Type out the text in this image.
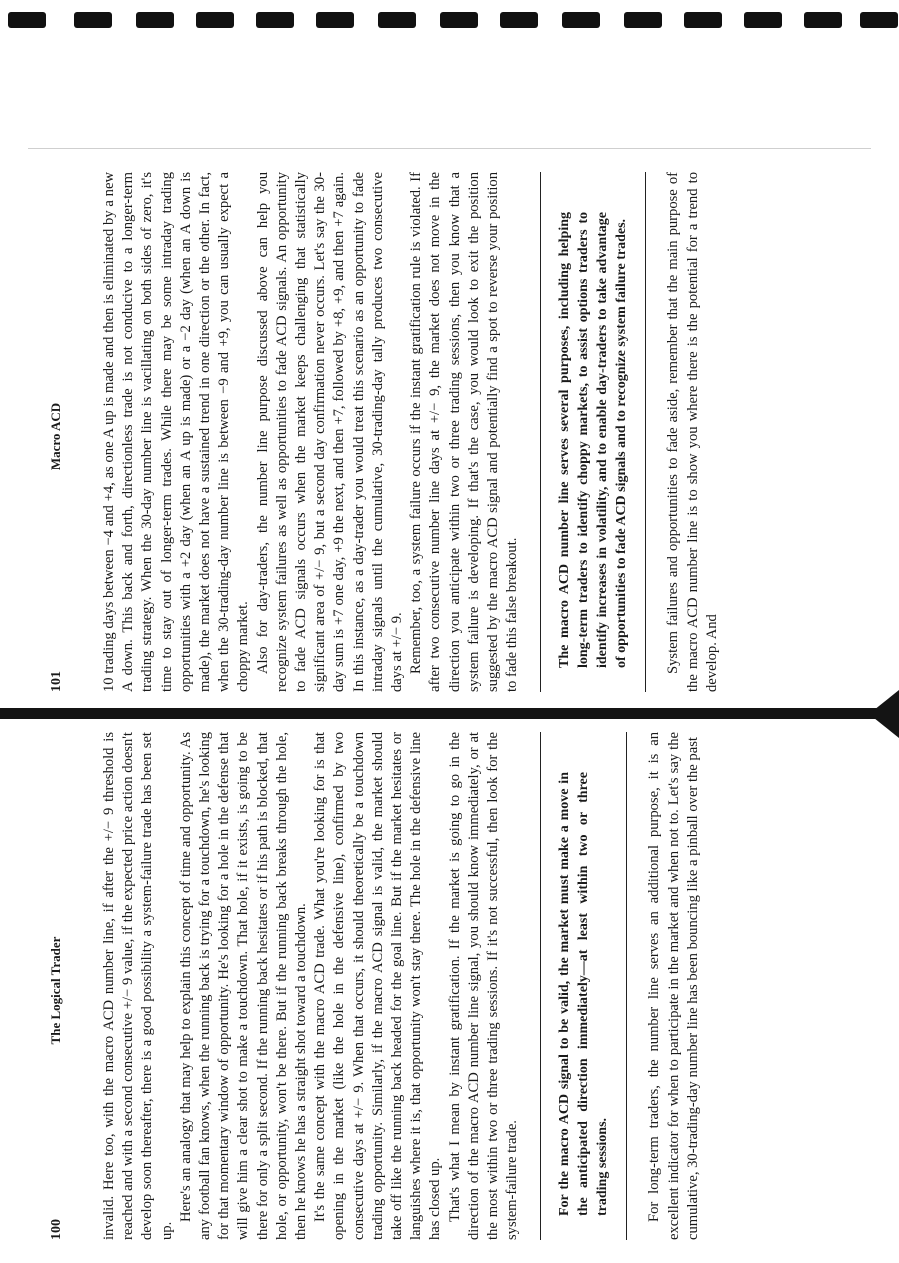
101
Macro ACD	10 trading days between −4 and +4, as one A up is made and then is eliminated by a new A down. This back and forth, directionless trade is not conducive to a longer-term trading strategy. When the 30-day number line is vacillating on both sides of zero, it's time to stay out of longer-term trades. While there may be some intraday trading opportunities with a +2 day (when an A up is made) or a −2 day (when an A down is made), the market does not have a sustained trend in one direction or the other. In fact, when the 30-trading-day number line is between −9 and +9, you can usually expect a choppy market. Also for day-traders, the number line purpose discussed above can help you recognize system failures as well as opportunities to fade ACD signals. An opportunity to fade ACD signals occurs when the market keeps challenging that statistically significant area of +/− 9, but a second day confirmation never occurs. Let's say the 30-day sum is +7 one day, +9 the next, and then +7, followed by +8, +9, and then +7 again. In this instance, as a day-trader you would treat this scenario as an opportunity to fade intraday signals until the cumulative, 30-trading-day tally produces two consecutive days at +/− 9. Remember, too, a system failure occurs if the instant gratification rule is violated. If after two consecutive number line days at +/− 9, the market does not move in the direction you anticipate within two or three trading sessions, then you know that a system failure is developing. If that's the case, you would look to exit the position suggested by the macro ACD signal and potentially find a spot to reverse your position to fade this false breakout.	The macro ACD number line serves several purposes, including helping long-term traders to identify choppy markets, to assist options traders to identify increases in volatility, and to enable day-traders to take advantage of opportunities to fade ACD signals and to recognize system failure trades. System failures and opportunities to fade aside, remember that the main purpose of the macro ACD number line is to show you where there is the potential for a trend to develop. And

100
The Logical Trader	invalid. Here too, with the macro ACD number line, if after the +/− 9 threshold is reached and with a second consecutive +/− 9 value, if the expected price action doesn't develop soon thereafter, there is a good possibility a system-failure trade has been set up.

Here's an analogy that may help to explain this concept of time and opportunity. As any football fan knows, when the running back is trying for a touchdown, he's looking for that momentary window of opportunity. He's looking for a hole in the defense that will give him a clear shot to make a touchdown. That hole, if it exists, is going to be there for only a split second. If the running back hesitates or if his path is blocked, that hole, or opportunity, won't be there. But if the running back breaks through the hole, then he knows he has a straight shot toward a touchdown. It's the same concept with the macro ACD trade. What you're looking for is that opening in the market (like the hole in the defensive line), confirmed by two consecutive days at +/− 9. When that occurs, it should theoretically be a touchdown trading opportunity. Similarly, if the macro ACD signal is valid, the market should take off like the running back headed for the goal line. But if the market hesitates or languishes where it is, that opportunity won't stay there. The hole in the defensive line has closed up. That's what I mean by instant gratification. If the market is going to go in the direction of the macro ACD number line signal, you should know immediately, or at the most within two or three trading sessions. If it's not successful, then look for the system-failure trade.	For the macro ACD signal to be valid, the market must make a move in the anticipated direction immediately—at least within two or three trading sessions. For long-term traders, the number line serves an additional purpose, it is an excellent indicator for when to participate in the market and when not to. Let's say the cumulative, 30-trading-day number line has been bouncing like a pinball over the past
